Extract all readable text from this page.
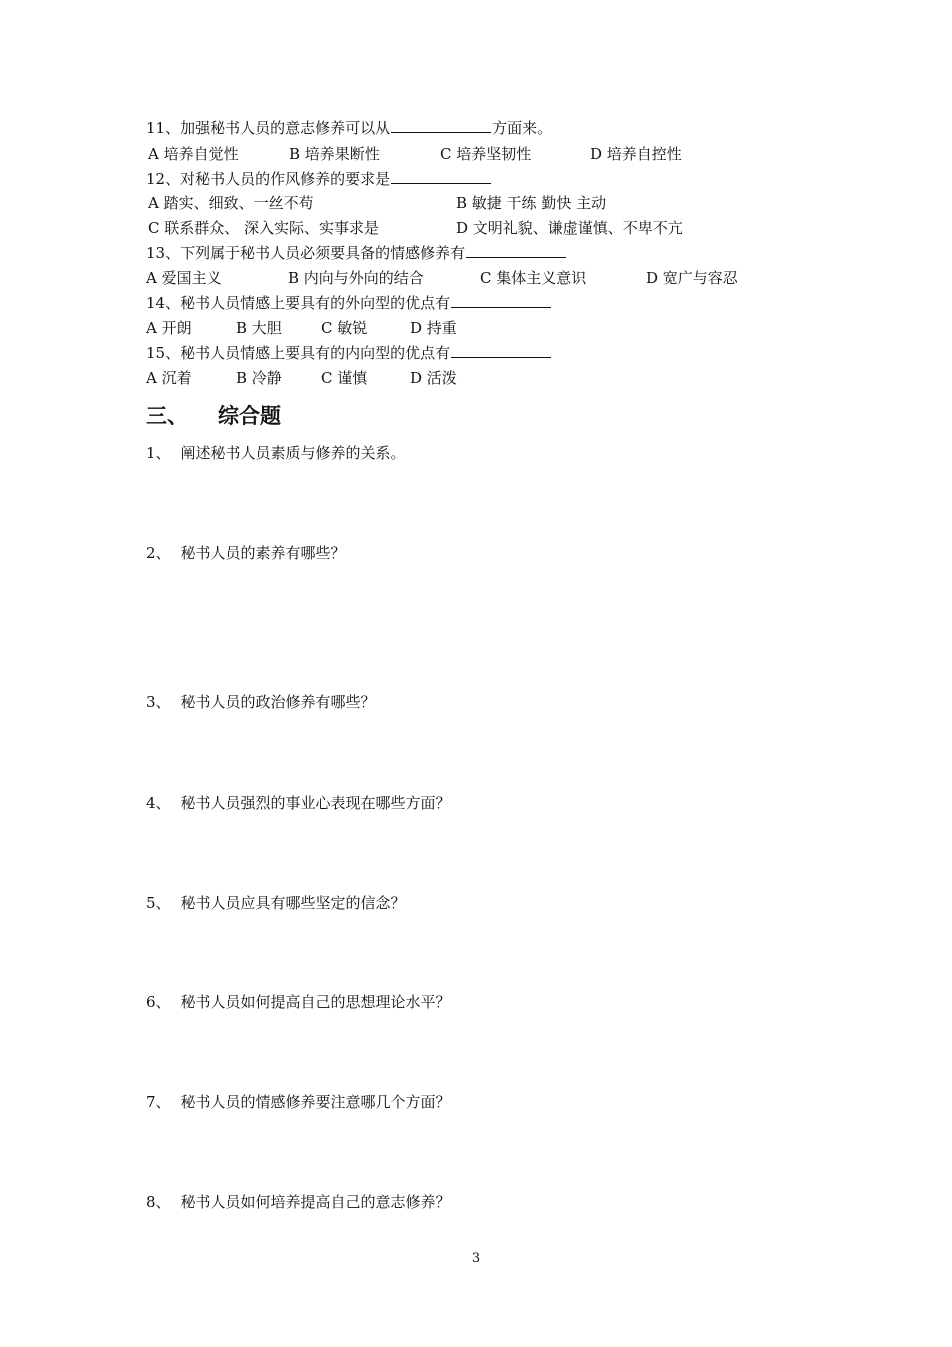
11、加强秘书人员的意志修养可以从	方面来。
A 培养自觉性	B 培养果断性	C 培养坚韧性	D 培养自控性
12、对秘书人员的作风修养的要求是
A 踏实、细致、一丝不苟	B 敏捷 干练 勤快 主动
C 联系群众、 深入实际、实事求是	D 文明礼貌、谦虚谨慎、不卑不亢
13、下列属于秘书人员必须要具备的情感修养有
A 爱国主义	B 内向与外向的结合	C 集体主义意识	D 宽广与容忍
14、秘书人员情感上要具有的外向型的优点有
A 开朗	B 大胆	C 敏锐	D 持重
15、秘书人员情感上要具有的内向型的优点有
A 沉着	B 冷静	C 谨慎	D 活泼
三、 综合题
1、 阐述秘书人员素质与修养的关系。
2、 秘书人员的素养有哪些？
3、 秘书人员的政治修养有哪些？
4、 秘书人员强烈的事业心表现在哪些方面？
5、 秘书人员应具有哪些坚定的信念？
6、 秘书人员如何提高自己的思想理论水平？
7、 秘书人员的情感修养要注意哪几个方面？
8、 秘书人员如何培养提高自己的意志修养？
3
